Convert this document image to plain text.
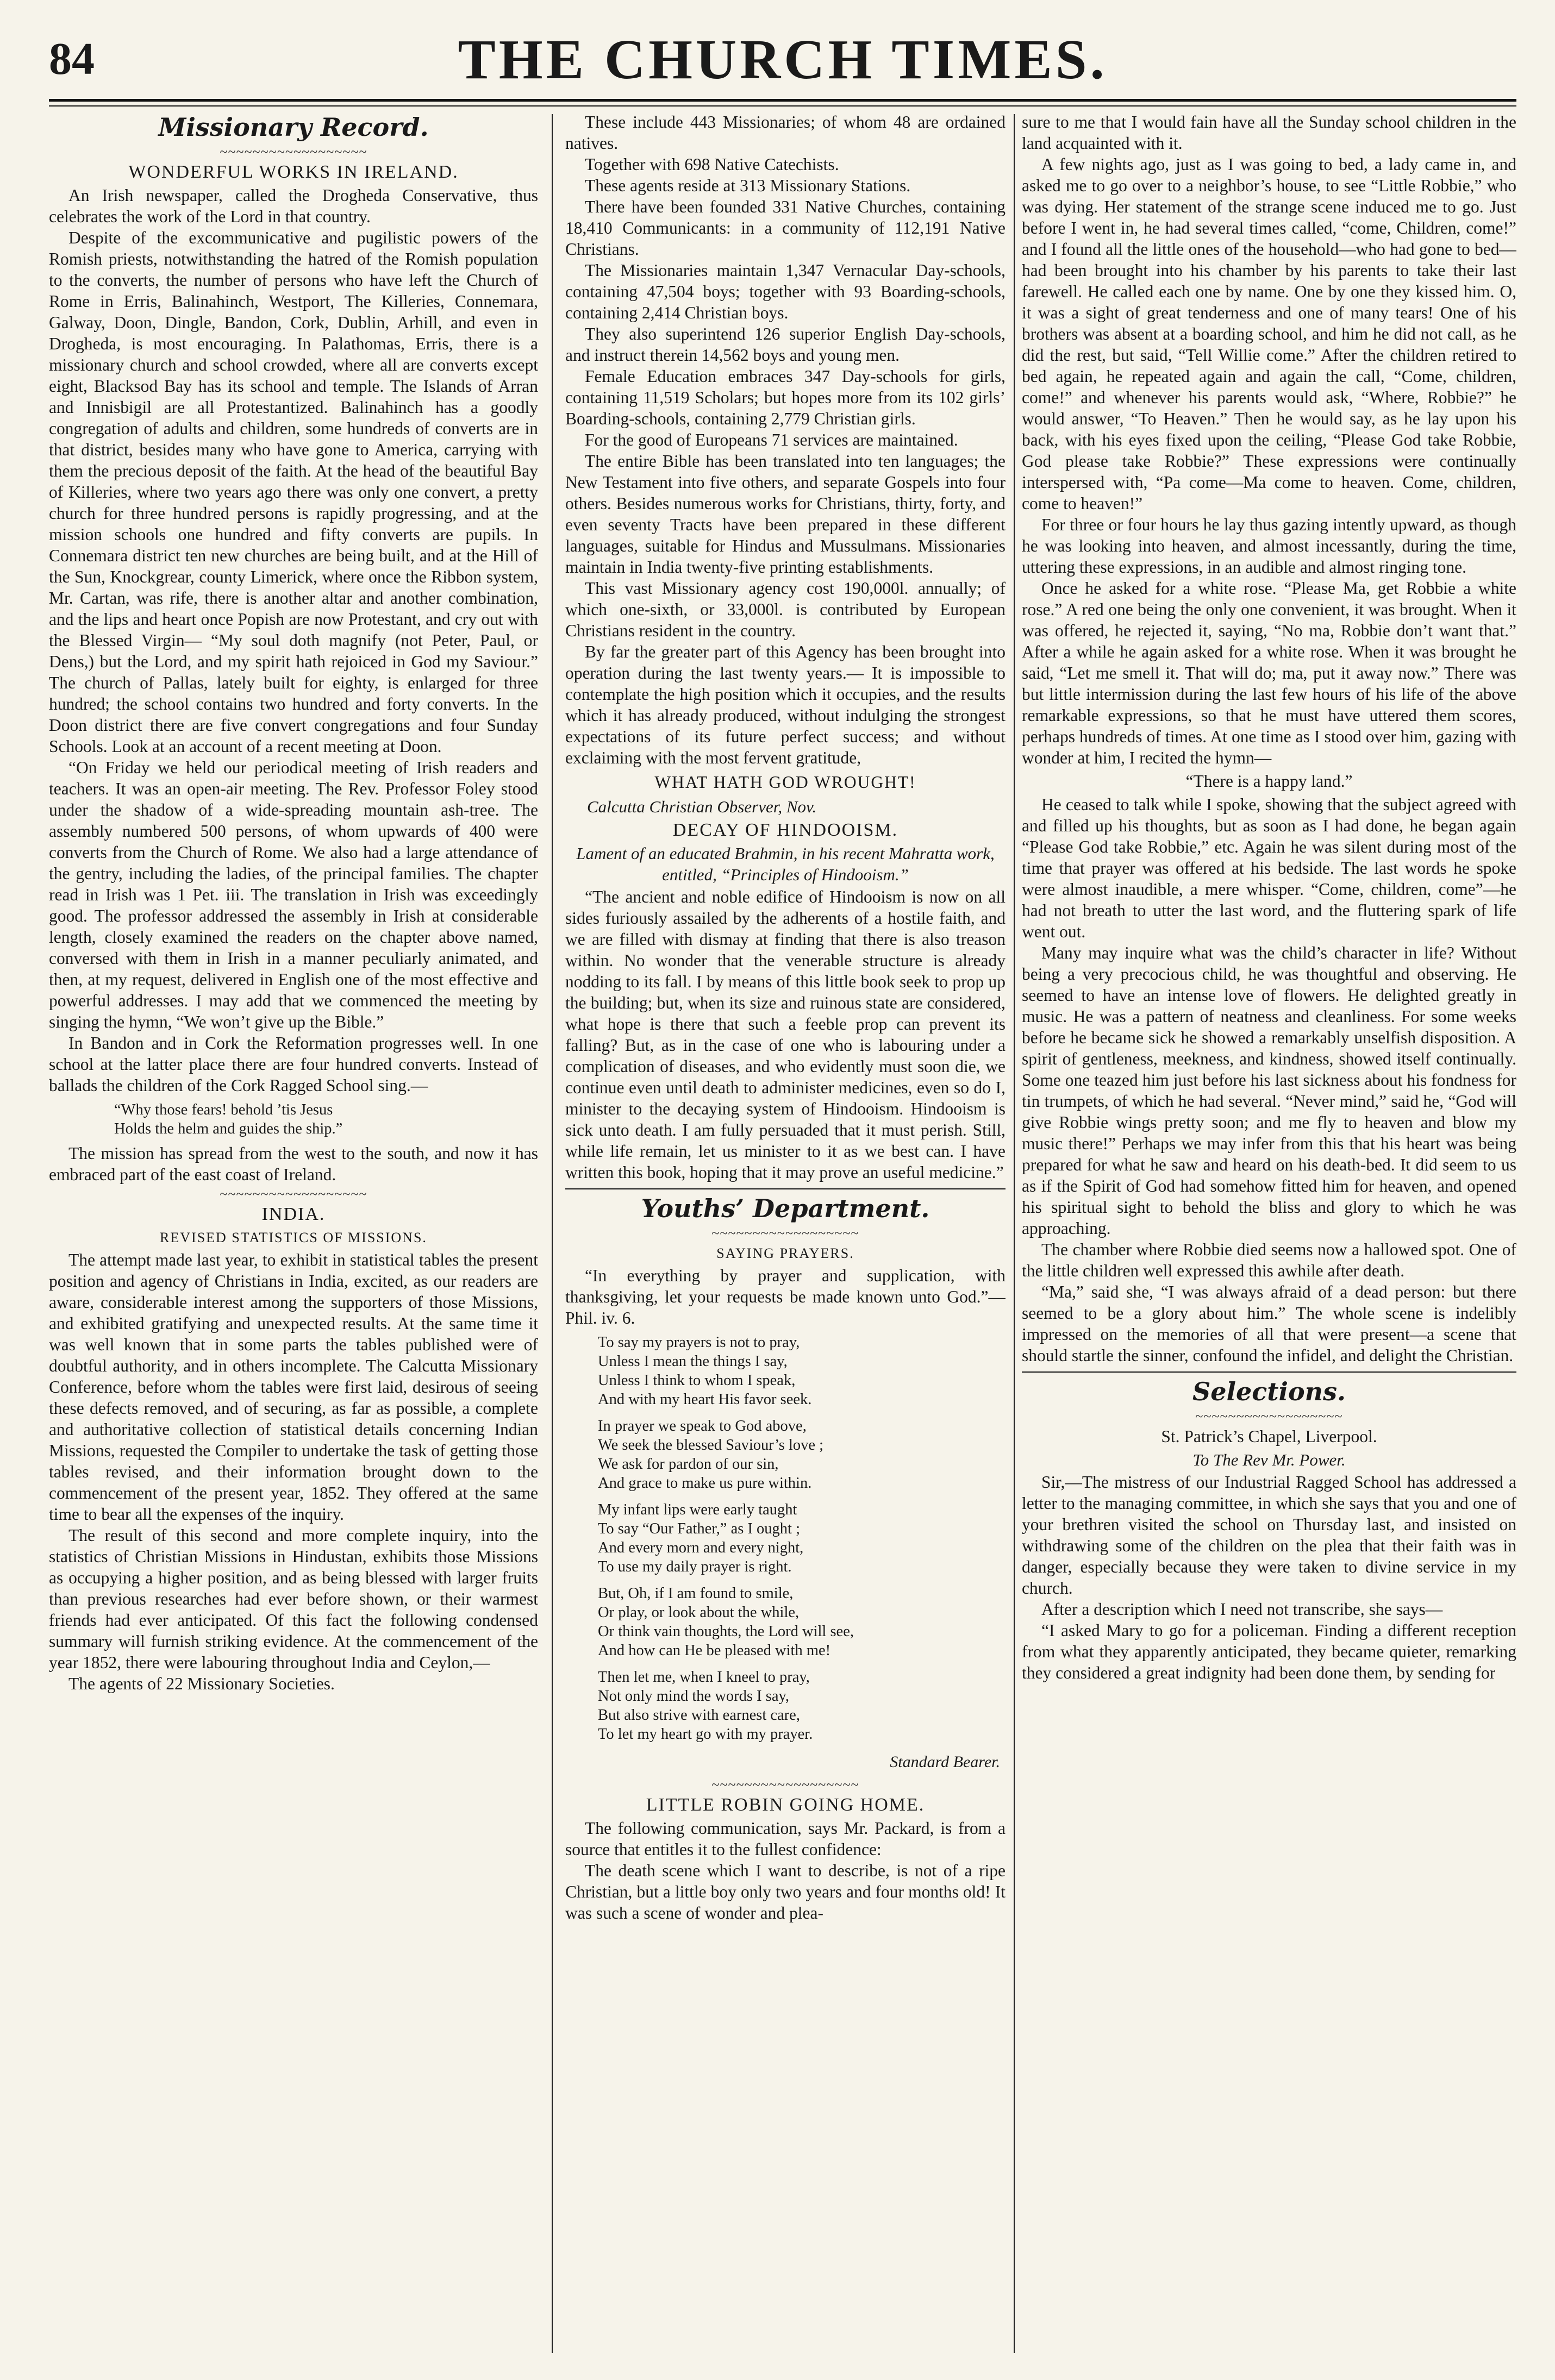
84	THE CHURCH TIMES.
Missionary Record.
~~~~~~~~~~~~~~~~~~
WONDERFUL WORKS IN IRELAND.

An Irish newspaper, called the Drogheda Conservative, thus celebrates the work of the Lord in that country.

Despite of the excommunicative and pugilistic powers of the Romish priests, notwithstanding the hatred of the Romish population to the converts, the number of persons who have left the Church of Rome in Erris, Balinahinch, Westport, The Killeries, Connemara, Galway, Doon, Dingle, Bandon, Cork, Dublin, Arhill, and even in Drogheda, is most encouraging. In Palathomas, Erris, there is a missionary church and school crowded, where all are converts except eight, Blacksod Bay has its school and temple. The Islands of Arran and Innisbigil are all Protestantized. Balinahinch has a goodly congregation of adults and children, some hundreds of converts are in that district, besides many who have gone to America, carrying with them the precious deposit of the faith. At the head of the beautiful Bay of Killeries, where two years ago there was only one convert, a pretty church for three hundred persons is rapidly progressing, and at the mission schools one hundred and fifty converts are pupils. In Connemara district ten new churches are being built, and at the Hill of the Sun, Knockgrear, county Limerick, where once the Ribbon system, Mr. Cartan, was rife, there is another altar and another combination, and the lips and heart once Popish are now Protestant, and cry out with the Blessed Virgin— “My soul doth magnify (not Peter, Paul, or Dens,) but the Lord, and my spirit hath rejoiced in God my Saviour.” The church of Pallas, lately built for eighty, is enlarged for three hundred; the school contains two hundred and forty converts. In the Doon district there are five convert congregations and four Sunday Schools. Look at an account of a recent meeting at Doon.

“On Friday we held our periodical meeting of Irish readers and teachers. It was an open-air meeting. The Rev. Professor Foley stood under the shadow of a wide-spreading mountain ash-tree. The assembly numbered 500 persons, of whom upwards of 400 were converts from the Church of Rome. We also had a large attendance of the gentry, including the ladies, of the principal families. The chapter read in Irish was 1 Pet. iii. The translation in Irish was exceedingly good. The professor addressed the assembly in Irish at considerable length, closely examined the readers on the chapter above named, conversed with them in Irish in a manner peculiarly animated, and then, at my request, delivered in English one of the most effective and powerful addresses. I may add that we commenced the meeting by singing the hymn, “We won’t give up the Bible.”

In Bandon and in Cork the Reformation progresses well. In one school at the latter place there are four hundred converts. Instead of ballads the children of the Cork Ragged School sing.—

“Why those fears! behold ’tis Jesus
Holds the helm and guides the ship.”

The mission has spread from the west to the south, and now it has embraced part of the east coast of Ireland.

~~~~~~~~~~~~~~~~~~
INDIA.
REVISED STATISTICS OF MISSIONS.

The attempt made last year, to exhibit in statistical tables the present position and agency of Christians in India, excited, as our readers are aware, considerable interest among the supporters of those Missions, and exhibited gratifying and unexpected results. At the same time it was well known that in some parts the tables published were of doubtful authority, and in others incomplete. The Calcutta Missionary Conference, before whom the tables were first laid, desirous of seeing these defects removed, and of securing, as far as possible, a complete and authoritative collection of statistical details concerning Indian Missions, requested the Compiler to undertake the task of getting those tables revised, and their information brought down to the commencement of the present year, 1852. They offered at the same time to bear all the expenses of the inquiry.

The result of this second and more complete inquiry, into the statistics of Christian Missions in Hindustan, exhibits those Missions as occupying a higher position, and as being blessed with larger fruits than previous researches had ever before shown, or their warmest friends had ever anticipated. Of this fact the following condensed summary will furnish striking evidence. At the commencement of the year 1852, there were labouring throughout India and Ceylon,—

The agents of 22 Missionary Societies.

These include 443 Missionaries; of whom 48 are ordained natives.

Together with 698 Native Catechists.

These agents reside at 313 Missionary Stations.

There have been founded 331 Native Churches, containing 18,410 Communicants: in a community of 112,191 Native Christians.

The Missionaries maintain 1,347 Vernacular Day-schools, containing 47,504 boys; together with 93 Boarding-schools, containing 2,414 Christian boys.

They also superintend 126 superior English Day-schools, and instruct therein 14,562 boys and young men.

Female Education embraces 347 Day-schools for girls, containing 11,519 Scholars; but hopes more from its 102 girls’ Boarding-schools, containing 2,779 Christian girls.

For the good of Europeans 71 services are maintained.

The entire Bible has been translated into ten languages; the New Testament into five others, and separate Gospels into four others. Besides numerous works for Christians, thirty, forty, and even seventy Tracts have been prepared in these different languages, suitable for Hindus and Mussulmans. Missionaries maintain in India twenty-five printing establishments.

This vast Missionary agency cost 190,000l. annually; of which one-sixth, or 33,000l. is contributed by European Christians resident in the country.

By far the greater part of this Agency has been brought into operation during the last twenty years.— It is impossible to contemplate the high position which it occupies, and the results which it has already produced, without indulging the strongest expectations of its future perfect success; and without exclaiming with the most fervent gratitude,

WHAT HATH GOD WROUGHT!
Calcutta Christian Observer, Nov.
DECAY OF HINDOOISM.
Lament of an educated Brahmin, in his recent Mahratta work, entitled, “Principles of Hindooism.”

“The ancient and noble edifice of Hindooism is now on all sides furiously assailed by the adherents of a hostile faith, and we are filled with dismay at finding that there is also treason within. No wonder that the venerable structure is already nodding to its fall. I by means of this little book seek to prop up the building; but, when its size and ruinous state are considered, what hope is there that such a feeble prop can prevent its falling? But, as in the case of one who is labouring under a complication of diseases, and who evidently must soon die, we continue even until death to administer medicines, even so do I, minister to the decaying system of Hindooism. Hindooism is sick unto death. I am fully persuaded that it must perish. Still, while life remain, let us minister to it as we best can. I have written this book, hoping that it may prove an useful medicine.”

Youths’ Department.
~~~~~~~~~~~~~~~~~~
SAYING PRAYERS.

“In everything by prayer and supplication, with thanksgiving, let your requests be made known unto God.”— Phil. iv. 6.

To say my prayers is not to pray,
Unless I mean the things I say,
Unless I think to whom I speak,
And with my heart His favor seek.
In prayer we speak to God above,
We seek the blessed Saviour’s love ;
We ask for pardon of our sin,
And grace to make us pure within.
My infant lips were early taught
To say “Our Father,” as I ought ;
And every morn and every night,
To use my daily prayer is right.
But, Oh, if I am found to smile,
Or play, or look about the while,
Or think vain thoughts, the Lord will see,
And how can He be pleased with me!
Then let me, when I kneel to pray,
Not only mind the words I say,
But also strive with earnest care,
To let my heart go with my prayer.
Standard Bearer.
~~~~~~~~~~~~~~~~~~
LITTLE ROBIN GOING HOME.

The following communication, says Mr. Packard, is from a source that entitles it to the fullest confidence:

The death scene which I want to describe, is not of a ripe Christian, but a little boy only two years and four months old! It was such a scene of wonder and plea-

sure to me that I would fain have all the Sunday school children in the land acquainted with it.

A few nights ago, just as I was going to bed, a lady came in, and asked me to go over to a neighbor’s house, to see “Little Robbie,” who was dying. Her statement of the strange scene induced me to go. Just before I went in, he had several times called, “come, Children, come!” and I found all the little ones of the household—who had gone to bed—had been brought into his chamber by his parents to take their last farewell. He called each one by name. One by one they kissed him. O, it was a sight of great tenderness and one of many tears! One of his brothers was absent at a boarding school, and him he did not call, as he did the rest, but said, “Tell Willie come.” After the children retired to bed again, he repeated again and again the call, “Come, children, come!” and whenever his parents would ask, “Where, Robbie?” he would answer, “To Heaven.” Then he would say, as he lay upon his back, with his eyes fixed upon the ceiling, “Please God take Robbie, God please take Robbie?” These expressions were continually interspersed with, “Pa come—Ma come to heaven. Come, children, come to heaven!”

For three or four hours he lay thus gazing intently upward, as though he was looking into heaven, and almost incessantly, during the time, uttering these expressions, in an audible and almost ringing tone.

Once he asked for a white rose. “Please Ma, get Robbie a white rose.” A red one being the only one convenient, it was brought. When it was offered, he rejected it, saying, “No ma, Robbie don’t want that.” After a while he again asked for a white rose. When it was brought he said, “Let me smell it. That will do; ma, put it away now.” There was but little intermission during the last few hours of his life of the above remarkable expressions, so that he must have uttered them scores, perhaps hundreds of times. At one time as I stood over him, gazing with wonder at him, I recited the hymn—

“There is a happy land.”

He ceased to talk while I spoke, showing that the subject agreed with and filled up his thoughts, but as soon as I had done, he began again “Please God take Robbie,” etc. Again he was silent during most of the time that prayer was offered at his bedside. The last words he spoke were almost inaudible, a mere whisper. “Come, children, come”—he had not breath to utter the last word, and the fluttering spark of life went out.

Many may inquire what was the child’s character in life? Without being a very precocious child, he was thoughtful and observing. He seemed to have an intense love of flowers. He delighted greatly in music. He was a pattern of neatness and cleanliness. For some weeks before he became sick he showed a remarkably unselfish disposition. A spirit of gentleness, meekness, and kindness, showed itself continually. Some one teazed him just before his last sickness about his fondness for tin trumpets, of which he had several. “Never mind,” said he, “God will give Robbie wings pretty soon; and me fly to heaven and blow my music there!” Perhaps we may infer from this that his heart was being prepared for what he saw and heard on his death-bed. It did seem to us as if the Spirit of God had somehow fitted him for heaven, and opened his spiritual sight to behold the bliss and glory to which he was approaching.

The chamber where Robbie died seems now a hallowed spot. One of the little children well expressed this awhile after death.

“Ma,” said she, “I was always afraid of a dead person: but there seemed to be a glory about him.” The whole scene is indelibly impressed on the memories of all that were present—a scene that should startle the sinner, confound the infidel, and delight the Christian.

Selections.
~~~~~~~~~~~~~~~~~~
St. Patrick’s Chapel, Liverpool.
To The Rev Mr. Power.

Sir,—The mistress of our Industrial Ragged School has addressed a letter to the managing committee, in which she says that you and one of your brethren visited the school on Thursday last, and insisted on withdrawing some of the children on the plea that their faith was in danger, especially because they were taken to divine service in my church.

After a description which I need not transcribe, she says—

“I asked Mary to go for a policeman. Finding a different reception from what they apparently anticipated, they became quieter, remarking they considered a great indignity had been done them, by sending for
